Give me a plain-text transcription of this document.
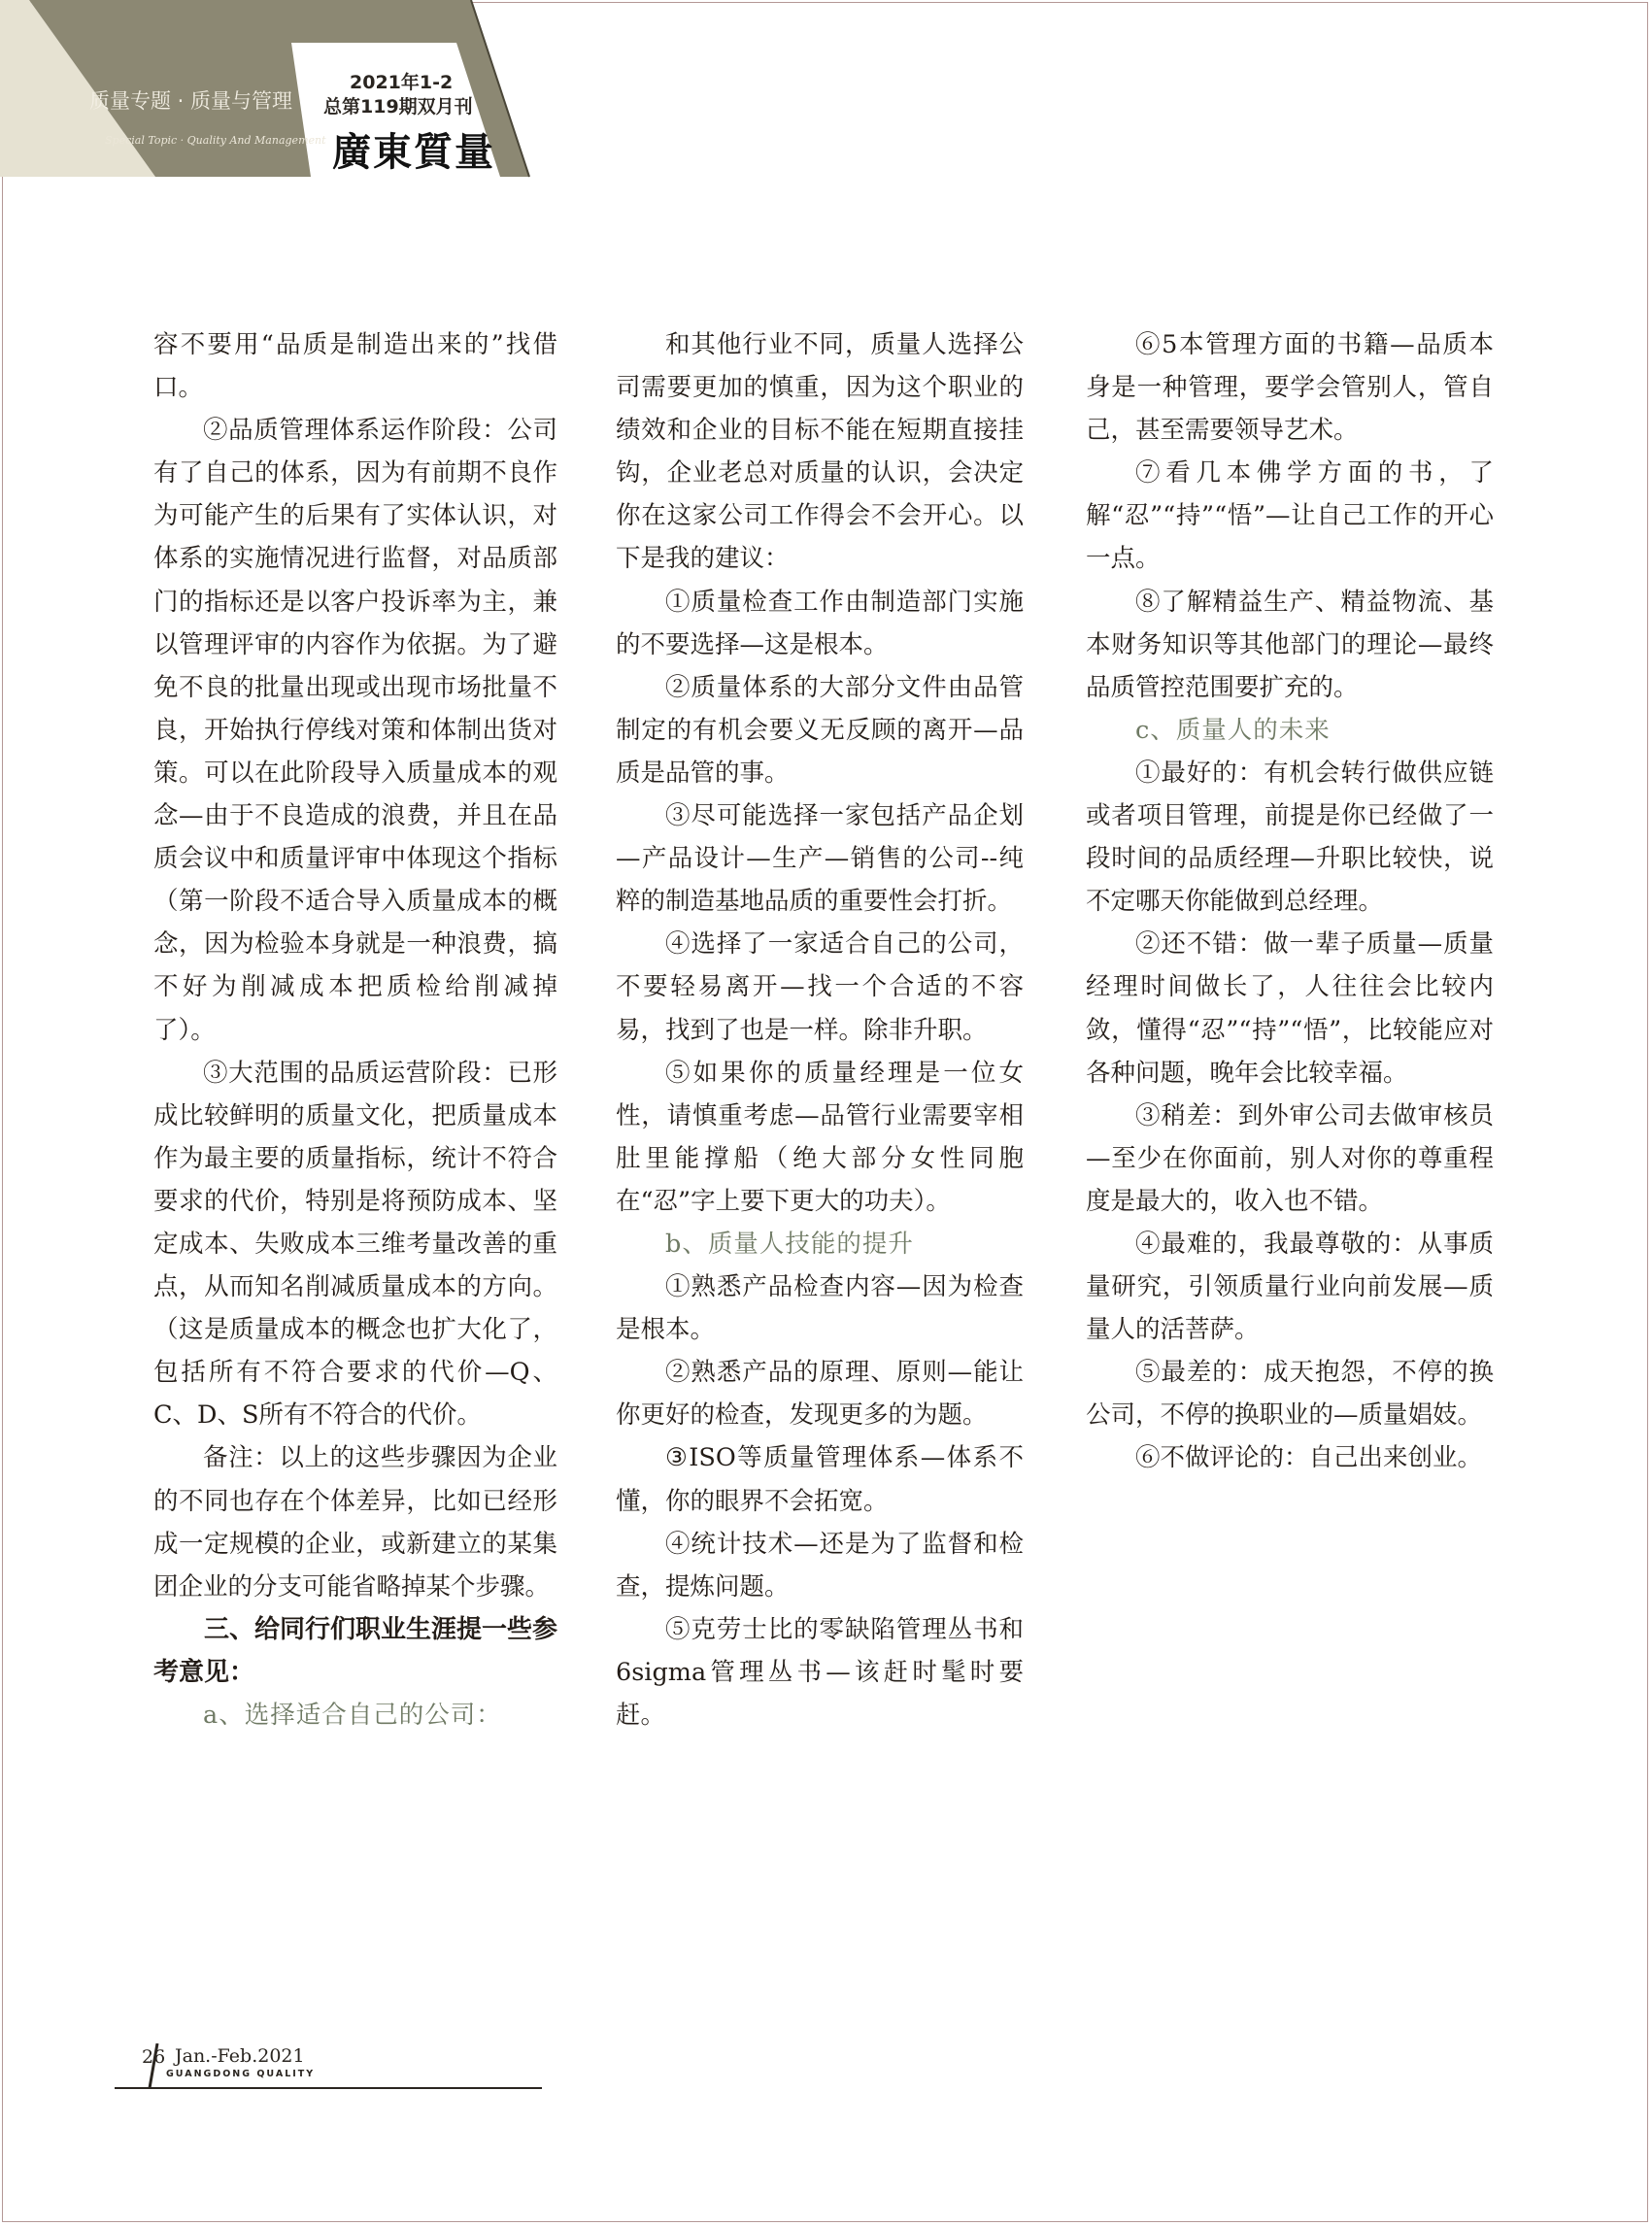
质量专题 · 质量与管理
Special Topic · Quality And Management
2021年1-2
总第119期双月刊
廣東質量

容不要用“品质是制造出来的”找借口。

②品质管理体系运作阶段：公司有了自己的体系，因为有前期不良作为可能产生的后果有了实体认识，对体系的实施情况进行监督，对品质部门的指标还是以客户投诉率为主，兼以管理评审的内容作为依据。为了避免不良的批量出现或出现市场批量不良，开始执行停线对策和体制出货对策。可以在此阶段导入质量成本的观念—由于不良造成的浪费，并且在品质会议中和质量评审中体现这个指标（第一阶段不适合导入质量成本的概念，因为检验本身就是一种浪费，搞不好为削减成本把质检给削减掉了）。

③大范围的品质运营阶段：已形成比较鲜明的质量文化，把质量成本作为最主要的质量指标，统计不符合要求的代价，特别是将预防成本、坚定成本、失败成本三维考量改善的重点，从而知名削减质量成本的方向。（这是质量成本的概念也扩大化了，包括所有不符合要求的代价—Q、C、D、S所有不符合的代价。

备注：以上的这些步骤因为企业的不同也存在个体差异，比如已经形成一定规模的企业，或新建立的某集团企业的分支可能省略掉某个步骤。

三、给同行们职业生涯提一些参考意见：
a、选择适合自己的公司：

和其他行业不同，质量人选择公司需要更加的慎重，因为这个职业的绩效和企业的目标不能在短期直接挂钩，企业老总对质量的认识，会决定你在这家公司工作得会不会开心。以下是我的建议：

①质量检查工作由制造部门实施的不要选择—这是根本。

②质量体系的大部分文件由品管制定的有机会要义无反顾的离开—品质是品管的事。

③尽可能选择一家包括产品企划—产品设计—生产—销售的公司--纯粹的制造基地品质的重要性会打折。

④选择了一家适合自己的公司，不要轻易离开—找一个合适的不容易，找到了也是一样。除非升职。

⑤如果你的质量经理是一位女性，请慎重考虑—品管行业需要宰相肚里能撑船（绝大部分女性同胞在“忍”字上要下更大的功夫）。

b、质量人技能的提升

①熟悉产品检查内容—因为检查是根本。

②熟悉产品的原理、原则—能让你更好的检查，发现更多的为题。

③ISO等质量管理体系—体系不懂，你的眼界不会拓宽。

④统计技术—还是为了监督和检查，提炼问题。

⑤克劳士比的零缺陷管理丛书和6sigma管理丛书—该赶时髦时要赶。

⑥5本管理方面的书籍—品质本身是一种管理，要学会管别人，管自己，甚至需要领导艺术。

⑦看几本佛学方面的书，了解“忍”“持”“悟”—让自己工作的开心一点。

⑧了解精益生产、精益物流、基本财务知识等其他部门的理论—最终品质管控范围要扩充的。

c、质量人的未来

①最好的：有机会转行做供应链或者项目管理，前提是你已经做了一段时间的品质经理—升职比较快，说不定哪天你能做到总经理。

②还不错：做一辈子质量—质量经理时间做长了，人往往会比较内敛，懂得“忍”“持”“悟”，比较能应对各种问题，晚年会比较幸福。

③稍差：到外审公司去做审核员—至少在你面前，别人对你的尊重程度是最大的，收入也不错。

④最难的，我最尊敬的：从事质量研究，引领质量行业向前发展—质量人的活菩萨。

⑤最差的：成天抱怨，不停的换公司，不停的换职业的—质量娼妓。

⑥不做评论的：自己出来创业。

26 Jan.-Feb.2021
GUANGDONG QUALITY
